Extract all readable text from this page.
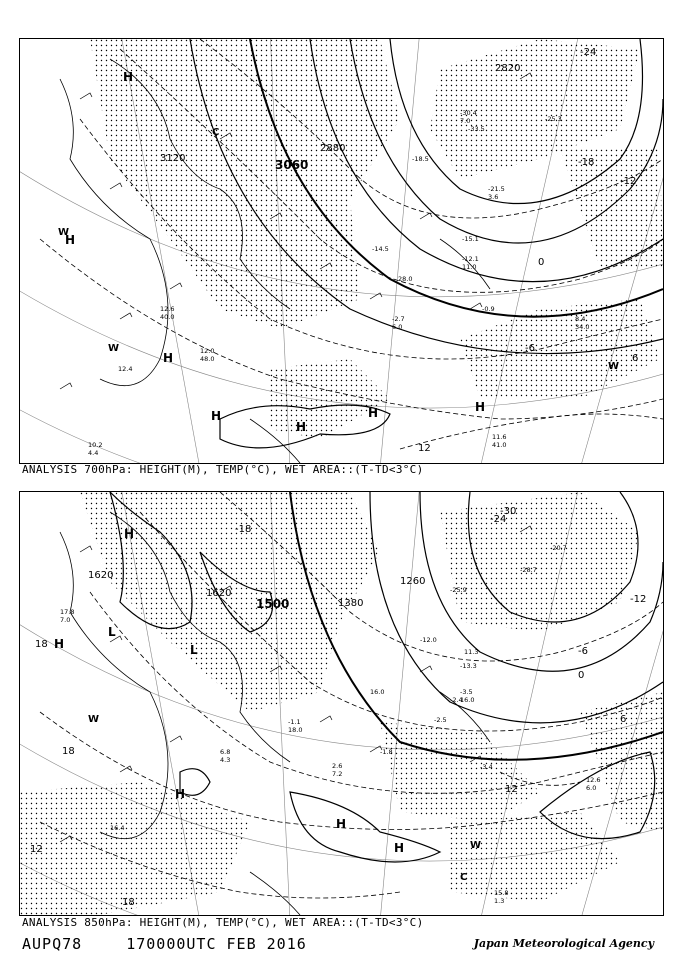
3120	3060
2880
2820
-24
-18
-12
0
-6
6
12
H
H
H
H	H	H
C
W
W
W
H
12.6
40.0
12.0
48.0
12.4
10.2
4.4
11.6
41.0
8.4
34.0
-2.7
6.0
-0.9
28.0
-12.1
11.0
-15.1
-18.5
-25.3
-33.5
-30.4
7.0
-21.5
3.6
-14.5
ANALYSIS 700hPa: HEIGHT(M), TEMP(°C), WET AREA::(T-TD<3°C)
1620
1620
1500	1380
1260
-18
-24
-30
-12
-6
0
6
12
18
18
18
12
H
H
H
H
H
L
L
W
W
C
15.8
1.3
12.6
6.0
-3.4
-2.4
-1.8
-3.5
16.0
-13.3
-12.0
-28.7
-20.7
-25.9
17.8
7.0
16.4
-1.1
18.0
2.6
7.2
16.0
6.8
4.3
-2.5
11.3
ANALYSIS 850hPa: HEIGHT(M), TEMP(°C), WET AREA::(T-TD<3°C)
AUPQ78	170000UTC FEB 2016	Japan Meteorological Agency
